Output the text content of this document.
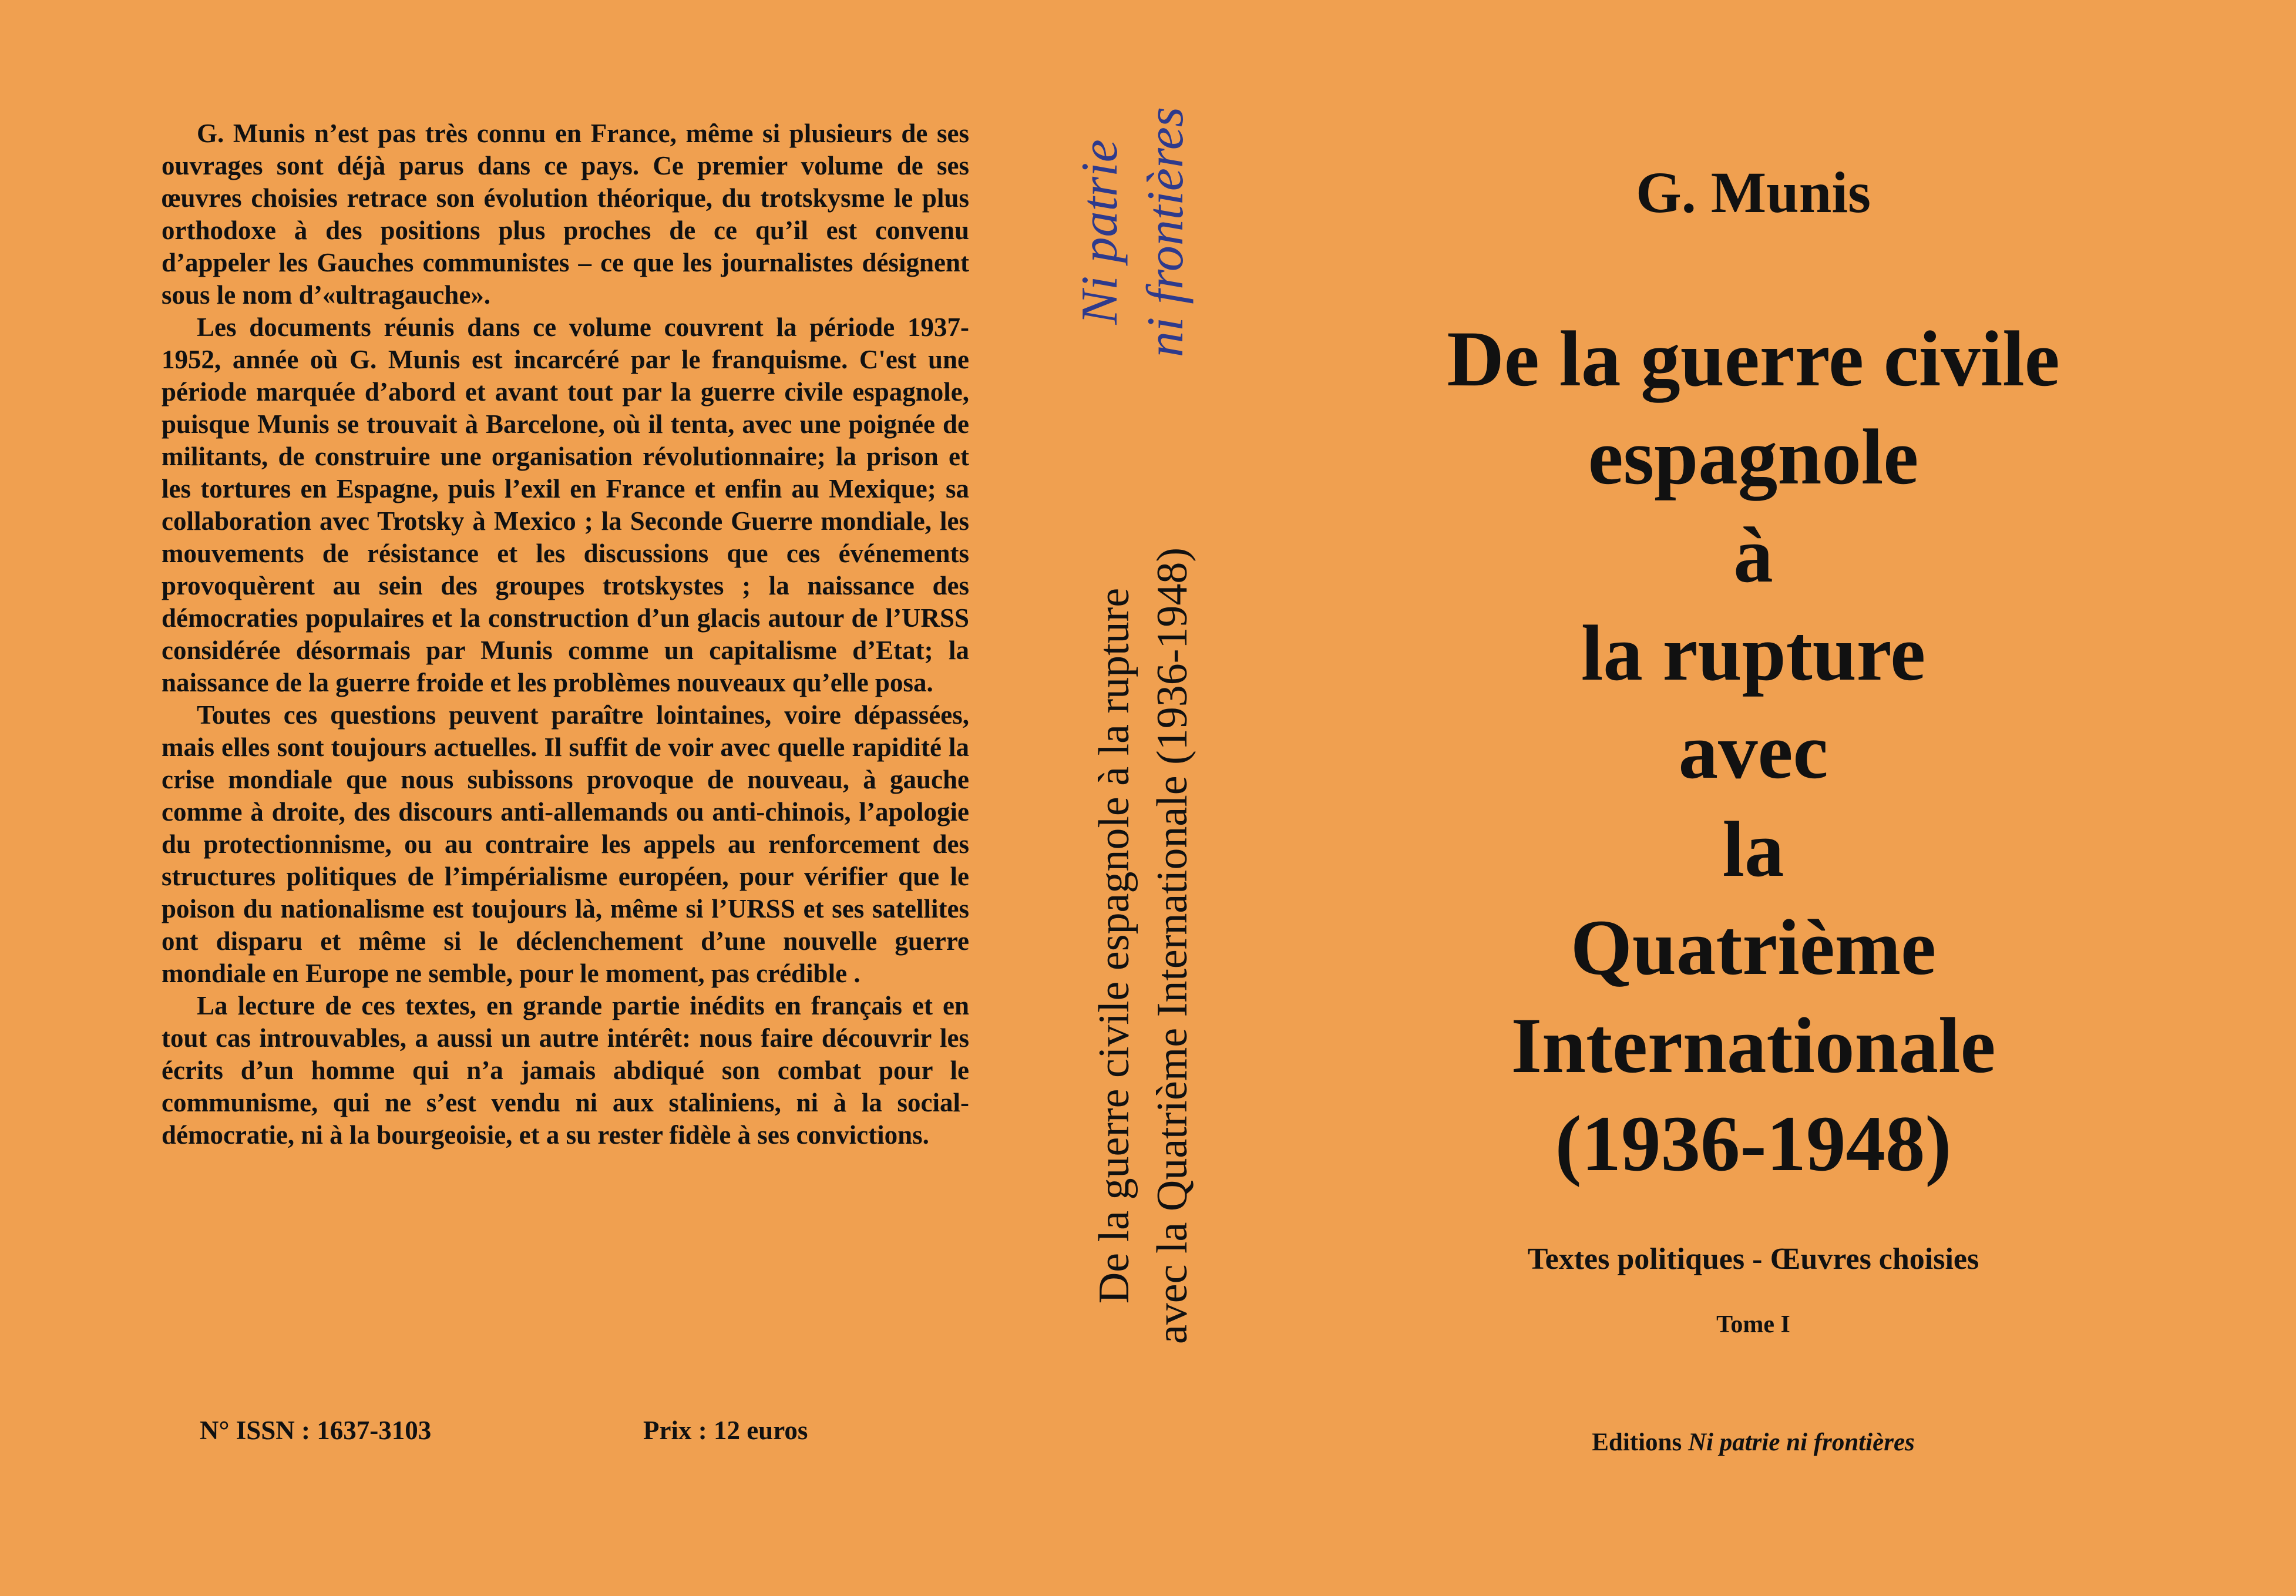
G. Munis n’est pas très connu en France, même si plusieurs de ses ouvrages sont déjà parus dans ce pays. Ce premier volume de ses œuvres choisies retrace son évolution théorique, du trotskysme le plus orthodoxe à des positions plus proches de ce qu’il est convenu d’appeler les Gauches communistes – ce que les journalistes désignent sous le nom d’«ultragauche».

Les documents réunis dans ce volume couvrent la période 1937-1952, année où G. Munis est incarcéré par le franquisme. C'est une période marquée d’abord et avant tout par la guerre civile espagnole, puisque Munis se trouvait à Barcelone, où il tenta, avec une poignée de militants, de construire une organisation révolutionnaire; la prison et les tortures en Espagne, puis l’exil en France et enfin au Mexique; sa collaboration avec Trotsky à Mexico ; la Seconde Guerre mondiale, les mouvements de résistance et les discussions que ces événements provoquèrent au sein des groupes trotskystes ; la naissance des démocraties populaires et la construction d’un glacis autour de l’URSS considérée désormais par Munis comme un capitalisme d’Etat; la naissance de la guerre froide et les problèmes nouveaux qu’elle posa.

Toutes ces questions peuvent paraître lointaines, voire dépassées, mais elles sont toujours actuelles. Il suffit de voir avec quelle rapidité la crise mondiale que nous subissons provoque de nouveau, à gauche comme à droite, des discours anti-allemands ou anti-chinois, l’apologie du protectionnisme, ou au contraire les appels au renforcement des structures politiques de l’impérialisme européen, pour vérifier que le poison du nationalisme est toujours là, même si l’URSS et ses satellites ont disparu et même si le déclenchement d’une nouvelle guerre mondiale en Europe ne semble, pour le moment, pas crédible .

La lecture de ces textes, en grande partie inédits en français et en tout cas introuvables, a aussi un autre intérêt: nous faire découvrir les écrits d’un homme qui n’a jamais abdiqué son combat pour le communisme, qui ne s’est vendu ni aux staliniens, ni à la social-démocratie, ni à la bourgeoisie, et a su rester fidèle à ses convictions.

N° ISSN : 1637-3103	Prix : 12 euros
Ni patrie ni frontières
De la guerre civile espagnole à la rupture avec la Quatrième Internationale (1936-1948)
G. Munis
De la guerre civile
espagnole
à
la rupture
avec
la
Quatrième
Internationale
(1936-1948)
Textes politiques - Œuvres choisies
Tome I
Editions Ni patrie ni frontières
